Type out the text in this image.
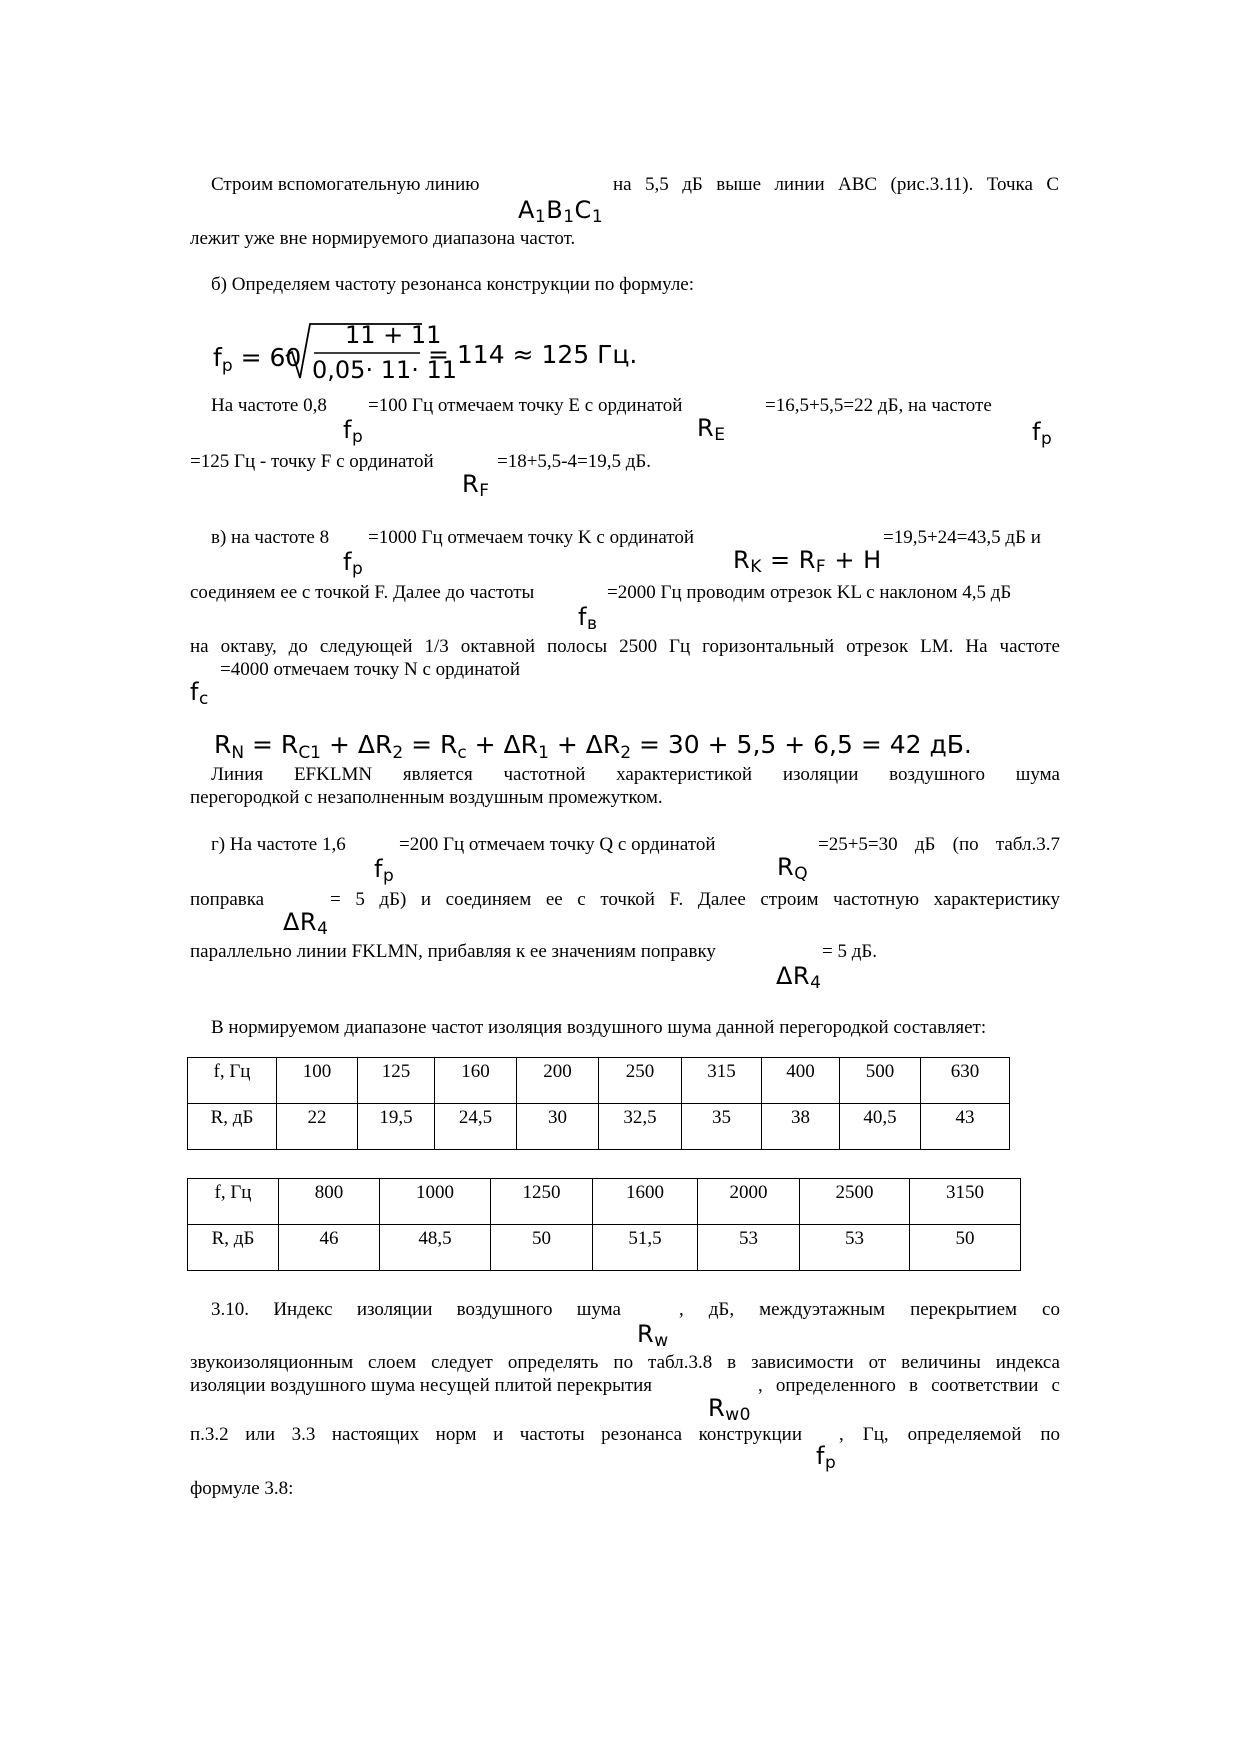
Строим вспомогательную линию
$A_1B_1C_1$
на 5,5 дБ выше линии АВС (рис.3.11). Точка С
лежит уже вне нормируемого диапазона частот.
б) Определяем частоту резонанса конструкции по формуле:
$f_p = 60$
11 + 11
0,05· 11· 11
= 114 ≈ 125 Гц.
На частоте 0,8
$f_p$
=100 Гц отмечаем точку E с ординатой
$R_E$
=16,5+5,5=22 дБ, на частоте
$f_p$
=125 Гц - точку F с ординатой
$R_F$
=18+5,5-4=19,5 дБ.
в) на частоте 8
$f_p$
=1000 Гц отмечаем точку K с ординатой
$R_K = R_F + H$
=19,5+24=43,5 дБ и
соединяем ее с точкой F. Далее до частоты
$f_в$
=2000 Гц проводим отрезок KL с наклоном 4,5 дБ
на октаву, до следующей 1/3 октавной полосы 2500 Гц горизонтальный отрезок LM. На частоте
=4000 отмечаем точку N с ординатой
$f_c$
$R_N = R_{C1} + \Delta R_2 = R_c + \Delta R_1 + \Delta R_2 = 30 + 5,5 + 6,5 = 42$ дБ.
Линия EFKLMN является частотной характеристикой изоляции воздушного шума
перегородкой с незаполненным воздушным промежутком.
г) На частоте 1,6
$f_p$
=200 Гц отмечаем точку Q с ординатой
$R_Q$
=25+5=30 дБ (по табл.3.7
поправка
$\Delta R_4$
= 5 дБ) и соединяем ее с точкой F. Далее строим частотную характеристику
параллельно линии FKLMN, прибавляя к ее значениям поправку
$\Delta R_4$
= 5 дБ.
В нормируемом диапазоне частот изоляция воздушного шума данной перегородкой составляет:
f, Гц	100	125	160	200	250	315	400	500	630
R, дБ	22	19,5	24,5	30	32,5	35	38	40,5	43
f, Гц	800	1000	1250	1600	2000	2500	3150
R, дБ	46	48,5	50	51,5	53	53	50
3.10. Индекс изоляции воздушного шума
$R_w$
, дБ, междуэтажным перекрытием со
звукоизоляционным слоем следует определять по табл.3.8 в зависимости от величины индекса
изоляции воздушного шума несущей плитой перекрытия
$R_{w0}$
, определенного в соответствии с
п.3.2 или 3.3 настоящих норм и частоты резонанса конструкции
$f_p$
, Гц, определяемой по
формуле 3.8:
